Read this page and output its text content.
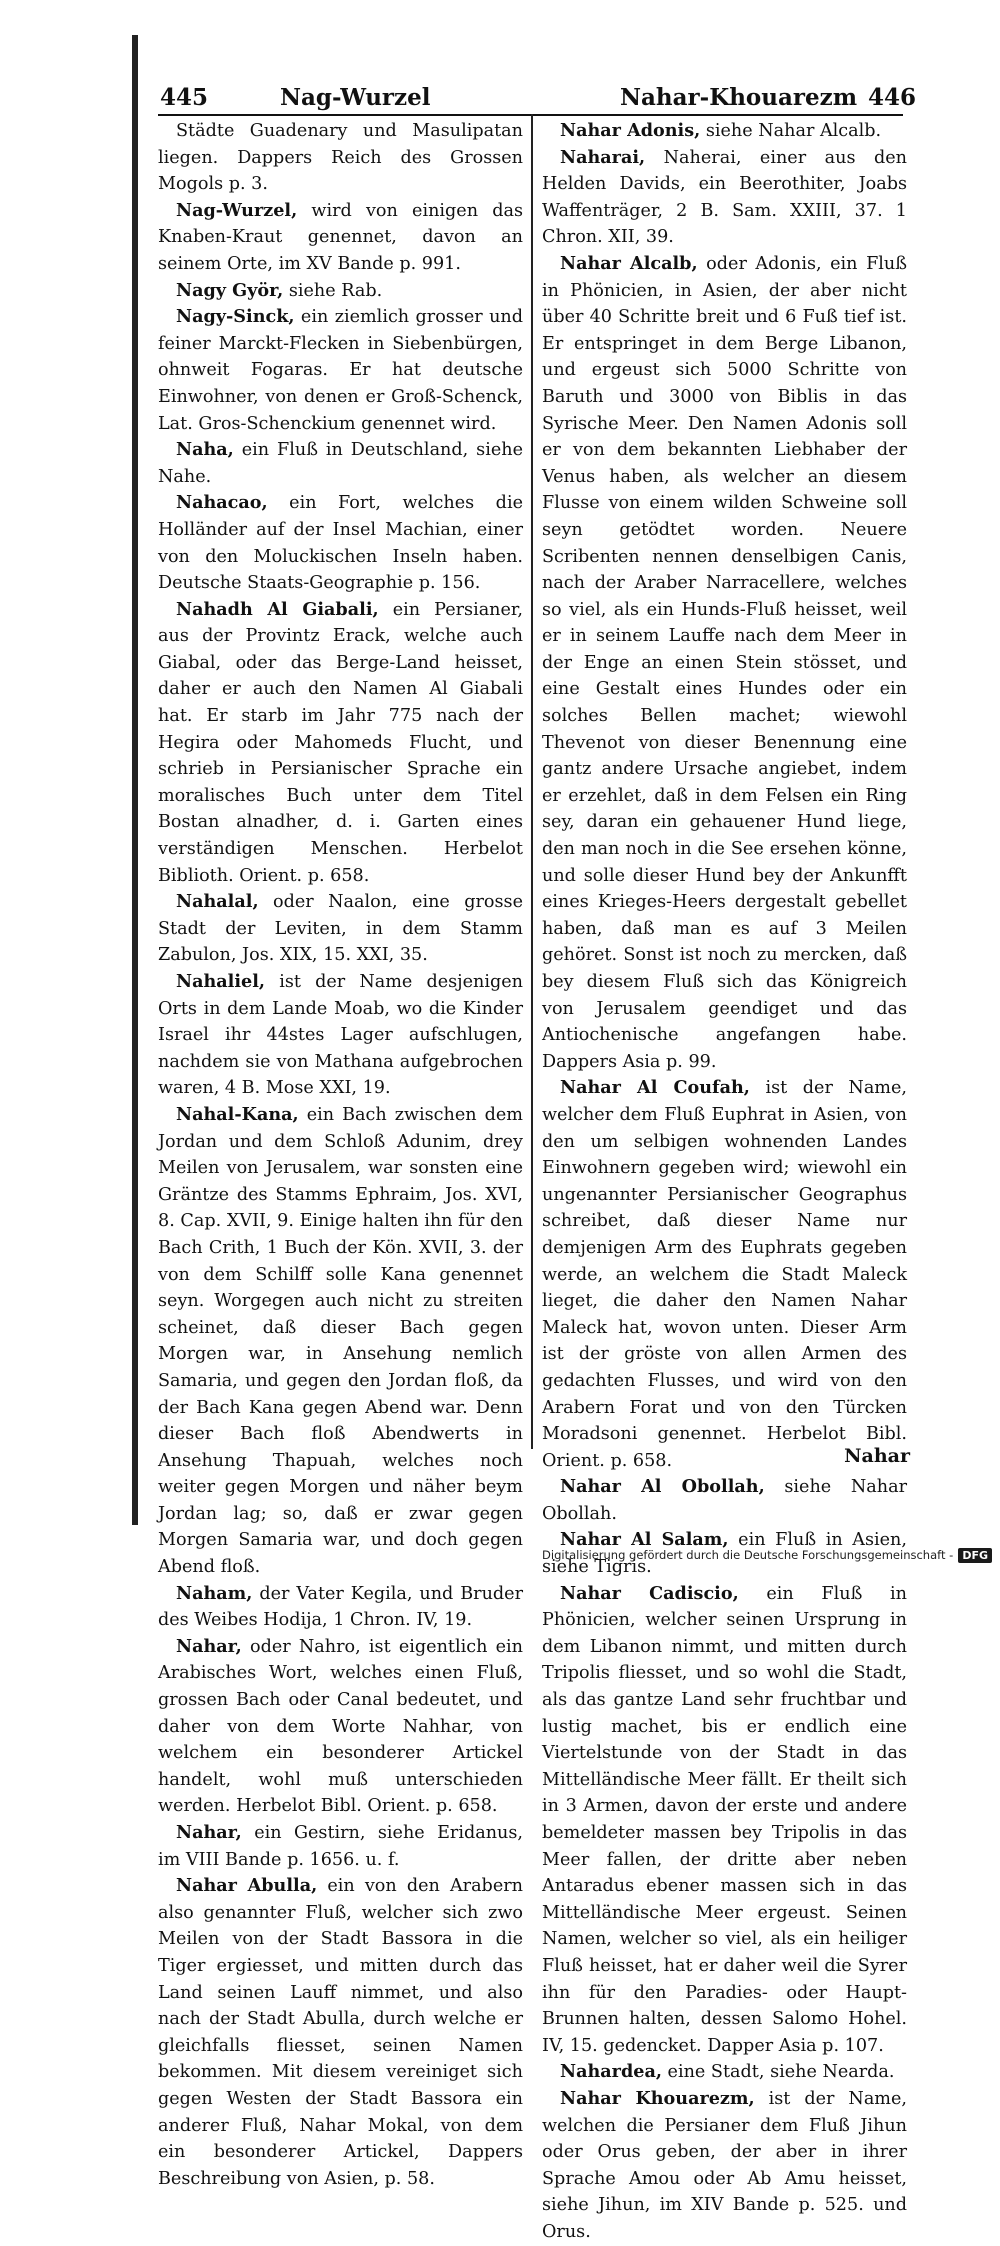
445	Nag-Wurzel	Nahar-Khouarezm 446

Städte Guadenary und Masulipatan liegen. Dappers Reich des Grossen Mogols p. 3.

Nag-Wurzel, wird von einigen das Knaben-Kraut genennet, davon an seinem Orte, im XV Bande p. 991.

Nagy Györ, siehe Rab.

Nagy-Sinck, ein ziemlich grosser und feiner Marckt-Flecken in Siebenbürgen, ohnweit Fogaras. Er hat deutsche Einwohner, von denen er Groß-Schenck, Lat. Gros-Schenckium genennet wird.

Naha, ein Fluß in Deutschland, siehe Nahe.

Nahacao, ein Fort, welches die Holländer auf der Insel Machian, einer von den Moluckischen Inseln haben. Deutsche Staats-Geographie p. 156.

Nahadh Al Giabali, ein Persianer, aus der Provintz Erack, welche auch Giabal, oder das Berge-Land heisset, daher er auch den Namen Al Giabali hat. Er starb im Jahr 775 nach der Hegira oder Mahomeds Flucht, und schrieb in Persianischer Sprache ein moralisches Buch unter dem Titel Bostan alnadher, d. i. Garten eines verständigen Menschen. Herbelot Biblioth. Orient. p. 658.

Nahalal, oder Naalon, eine grosse Stadt der Leviten, in dem Stamm Zabulon, Jos. XIX, 15. XXI, 35.

Nahaliel, ist der Name desjenigen Orts in dem Lande Moab, wo die Kinder Israel ihr 44stes Lager aufschlugen, nachdem sie von Mathana aufgebrochen waren, 4 B. Mose XXI, 19.

Nahal-Kana, ein Bach zwischen dem Jordan und dem Schloß Adunim, drey Meilen von Jerusalem, war sonsten eine Gräntze des Stamms Ephraim, Jos. XVI, 8. Cap. XVII, 9. Einige halten ihn für den Bach Crith, 1 Buch der Kön. XVII, 3. der von dem Schilff solle Kana genennet seyn. Worgegen auch nicht zu streiten scheinet, daß dieser Bach gegen Morgen war, in Ansehung nemlich Samaria, und gegen den Jordan floß, da der Bach Kana gegen Abend war. Denn dieser Bach floß Abendwerts in Ansehung Thapuah, welches noch weiter gegen Morgen und näher beym Jordan lag; so, daß er zwar gegen Morgen Samaria war, und doch gegen Abend floß.

Naham, der Vater Kegila, und Bruder des Weibes Hodija, 1 Chron. IV, 19.

Nahar, oder Nahro, ist eigentlich ein Arabisches Wort, welches einen Fluß, grossen Bach oder Canal bedeutet, und daher von dem Worte Nahhar, von welchem ein besonderer Artickel handelt, wohl muß unterschieden werden. Herbelot Bibl. Orient. p. 658.

Nahar, ein Gestirn, siehe Eridanus, im VIII Bande p. 1656. u. f.

Nahar Abulla, ein von den Arabern also genannter Fluß, welcher sich zwo Meilen von der Stadt Bassora in die Tiger ergiesset, und mitten durch das Land seinen Lauff nimmet, und also nach der Stadt Abulla, durch welche er gleichfalls fliesset, seinen Namen bekommen. Mit diesem vereiniget sich gegen Westen der Stadt Bassora ein anderer Fluß, Nahar Mokal, von dem ein besonderer Artickel, Dappers Beschreibung von Asien, p. 58.

Nahar Adonis, siehe Nahar Alcalb.

Naharai, Naherai, einer aus den Helden Davids, ein Beerothiter, Joabs Waffenträger, 2 B. Sam. XXIII, 37. 1 Chron. XII, 39.

Nahar Alcalb, oder Adonis, ein Fluß in Phönicien, in Asien, der aber nicht über 40 Schritte breit und 6 Fuß tief ist. Er entspringet in dem Berge Libanon, und ergeust sich 5000 Schritte von Baruth und 3000 von Biblis in das Syrische Meer. Den Namen Adonis soll er von dem bekannten Liebhaber der Venus haben, als welcher an diesem Flusse von einem wilden Schweine soll seyn getödtet worden. Neuere Scribenten nennen denselbigen Canis, nach der Araber Narracellere, welches so viel, als ein Hunds-Fluß heisset, weil er in seinem Lauffe nach dem Meer in der Enge an einen Stein stösset, und eine Gestalt eines Hundes oder ein solches Bellen machet; wiewohl Thevenot von dieser Benennung eine gantz andere Ursache angiebet, indem er erzehlet, daß in dem Felsen ein Ring sey, daran ein gehauener Hund liege, den man noch in die See ersehen könne, und solle dieser Hund bey der Ankunfft eines Krieges-Heers dergestalt gebellet haben, daß man es auf 3 Meilen gehöret. Sonst ist noch zu mercken, daß bey diesem Fluß sich das Königreich von Jerusalem geendiget und das Antiochenische angefangen habe. Dappers Asia p. 99.

Nahar Al Coufah, ist der Name, welcher dem Fluß Euphrat in Asien, von den um selbigen wohnenden Landes Einwohnern gegeben wird; wiewohl ein ungenannter Persianischer Geographus schreibet, daß dieser Name nur demjenigen Arm des Euphrats gegeben werde, an welchem die Stadt Maleck lieget, die daher den Namen Nahar Maleck hat, wovon unten. Dieser Arm ist der gröste von allen Armen des gedachten Flusses, und wird von den Arabern Forat und von den Türcken Moradsoni genennet. Herbelot Bibl. Orient. p. 658.

Nahar Al Obollah, siehe Nahar Obollah.

Nahar Al Salam, ein Fluß in Asien, siehe Tigris.

Nahar Cadiscio, ein Fluß in Phönicien, welcher seinen Ursprung in dem Libanon nimmt, und mitten durch Tripolis fliesset, und so wohl die Stadt, als das gantze Land sehr fruchtbar und lustig machet, bis er endlich eine Viertelstunde von der Stadt in das Mittelländische Meer fällt. Er theilt sich in 3 Armen, davon der erste und andere bemeldeter massen bey Tripolis in das Meer fallen, der dritte aber neben Antaradus ebener massen sich in das Mittelländische Meer ergeust. Seinen Namen, welcher so viel, als ein heiliger Fluß heisset, hat er daher weil die Syrer ihn für den Paradies- oder Haupt-Brunnen halten, dessen Salomo Hohel. IV, 15. gedencket. Dapper Asia p. 107.

Nahardea, eine Stadt, siehe Nearda.

Nahar Khouarezm, ist der Name, welchen die Persianer dem Fluß Jihun oder Orus geben, der aber in ihrer Sprache Amou oder Ab Amu heisset, siehe Jihun, im XIV Bande p. 525. und Orus.

Nahar
Digitalisierung gefördert durch die Deutsche Forschungsgemeinschaft - DFG
